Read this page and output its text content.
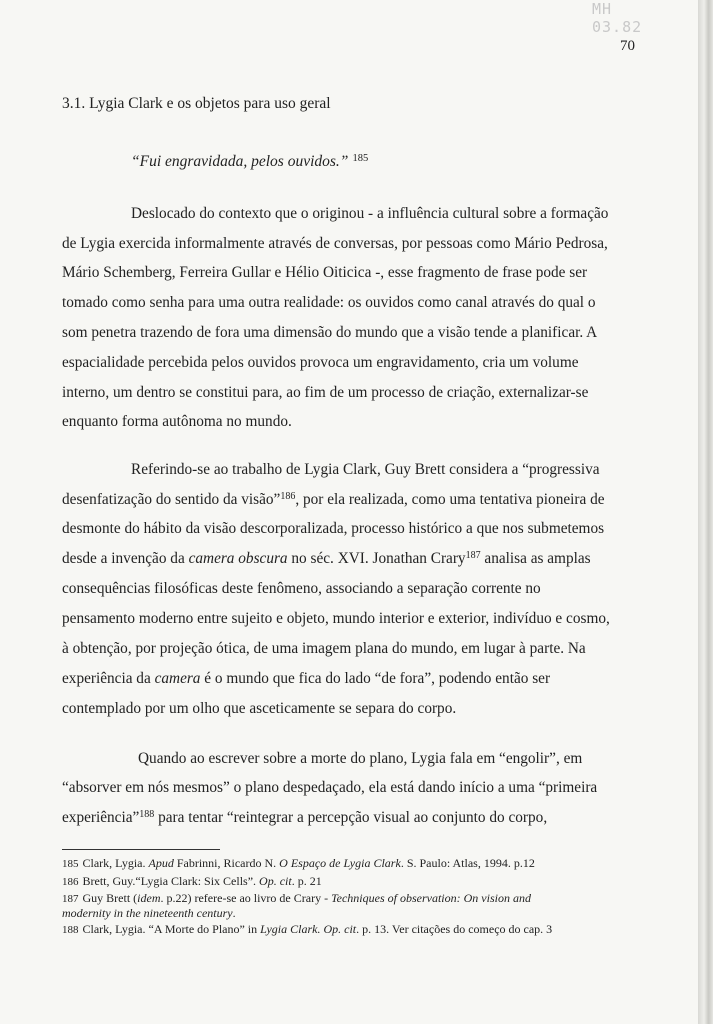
MH 03.82
70
3.1. Lygia Clark e os objetos para uso geral
“Fui engravidada, pelos ouvidos.” $^{185}$
Deslocado do contexto que o originou - a influência cultural sobre a formação
de Lygia exercida informalmente através de conversas, por pessoas como Mário Pedrosa,
Mário Schemberg, Ferreira Gullar e Hélio Oiticica -, esse fragmento de frase pode ser
tomado como senha para uma outra realidade: os ouvidos como canal através do qual o
som penetra trazendo de fora uma dimensão do mundo que a visão tende a planificar. A
espacialidade percebida pelos ouvidos provoca um engravidamento, cria um volume
interno, um dentro se constitui para, ao fim de um processo de criação, externalizar-se
enquanto forma autônoma no mundo.
Referindo-se ao trabalho de Lygia Clark, Guy Brett considera a “progressiva
desenfatização do sentido da visão”$^{186}$, por ela realizada, como uma tentativa pioneira de
desmonte do hábito da visão descorporalizada, processo histórico a que nos submetemos
desde a invenção da camera obscura no séc. XVI. Jonathan Crary$^{187}$ analisa as amplas
consequências filosóficas deste fenômeno, associando a separação corrente no
pensamento moderno entre sujeito e objeto, mundo interior e exterior, indivíduo e cosmo,
à obtenção, por projeção ótica, de uma imagem plana do mundo, em lugar à parte. Na
experiência da camera é o mundo que fica do lado “de fora”, podendo então ser
contemplado por um olho que asceticamente se separa do corpo.
Quando ao escrever sobre a morte do plano, Lygia fala em “engolir”, em
“absorver em nós mesmos” o plano despedaçado, ela está dando início a uma “primeira
experiência”$^{188}$ para tentar “reintegrar a percepção visual ao conjunto do corpo,
185 Clark, Lygia. Apud Fabrinni, Ricardo N. O Espaço de Lygia Clark. S. Paulo: Atlas, 1994. p.12
186 Brett, Guy.“Lygia Clark: Six Cells”. Op. cit. p. 21
187 Guy Brett (idem. p.22) refere-se ao livro de Crary - Techniques of observation: On vision and
modernity in the nineteenth century.
188 Clark, Lygia. “A Morte do Plano” in Lygia Clark. Op. cit. p. 13. Ver citações do começo do cap. 3
